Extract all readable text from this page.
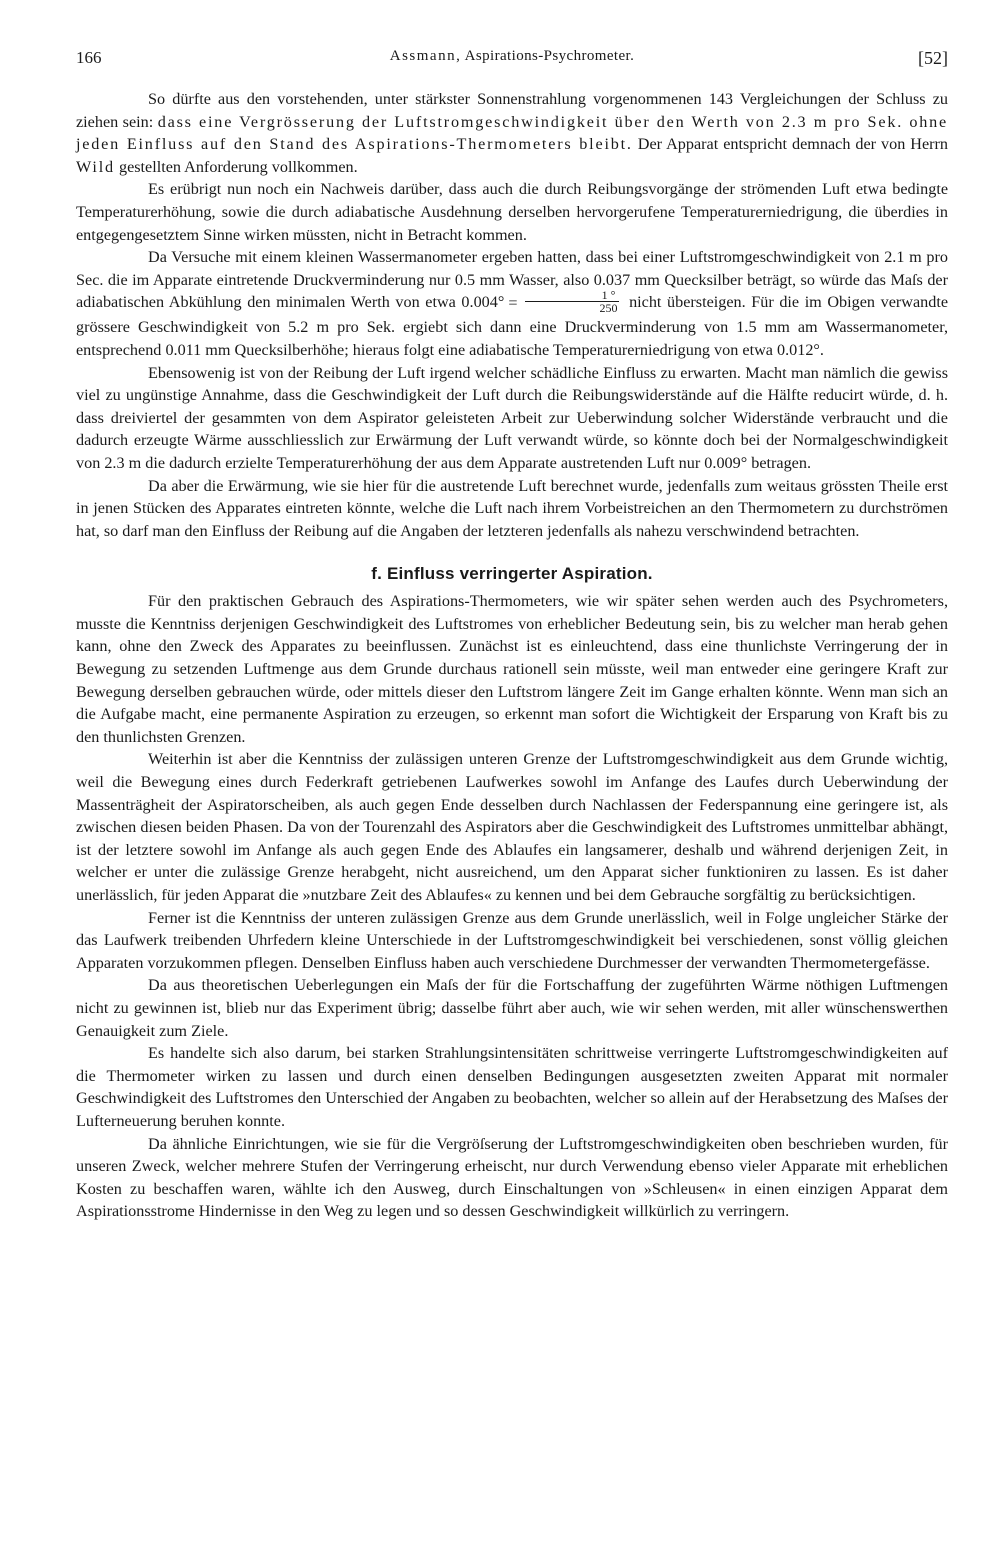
166	Assmann, Aspirations-Psychrometer.	[52]

So dürfte aus den vorstehenden, unter stärkster Sonnenstrahlung vorgenommenen 143 Vergleichungen der Schluss zu ziehen sein: dass eine Vergrösserung der Luftstromgeschwindigkeit über den Werth von 2.3 m pro Sek. ohne jeden Einfluss auf den Stand des Aspirations-Thermometers bleibt. Der Apparat entspricht demnach der von Herrn Wild gestellten Anforderung vollkommen.

Es erübrigt nun noch ein Nachweis darüber, dass auch die durch Reibungsvorgänge der strömenden Luft etwa bedingte Temperaturerhöhung, sowie die durch adiabatische Ausdehnung derselben hervorgerufene Temperaturerniedrigung, die überdies in entgegengesetztem Sinne wirken müssten, nicht in Betracht kommen.

Da Versuche mit einem kleinen Wassermanometer ergeben hatten, dass bei einer Luftstromgeschwindigkeit von 2.1 m pro Sec. die im Apparate eintretende Druckverminderung nur 0.5 mm Wasser, also 0.037 mm Quecksilber beträgt, so würde das Maſs der adiabatischen Abkühlung den minimalen Werth von etwa $0.004^\circ = \frac{1 ^\circ}{250}$ nicht übersteigen. Für die im Obigen verwandte grössere Geschwindigkeit von 5.2 m pro Sek. ergiebt sich dann eine Druckverminderung von 1.5 mm am Wassermanometer, entsprechend 0.011 mm Quecksilberhöhe; hieraus folgt eine adiabatische Temperaturerniedrigung von etwa 0.012°.

Ebensowenig ist von der Reibung der Luft irgend welcher schädliche Einfluss zu erwarten. Macht man nämlich die gewiss viel zu ungünstige Annahme, dass die Geschwindigkeit der Luft durch die Reibungswiderstände auf die Hälfte reducirt würde, d. h. dass dreiviertel der gesammten von dem Aspirator geleisteten Arbeit zur Ueberwindung solcher Widerstände verbraucht und die dadurch erzeugte Wärme ausschliesslich zur Erwärmung der Luft verwandt würde, so könnte doch bei der Normalgeschwindigkeit von 2.3 m die dadurch erzielte Temperaturerhöhung der aus dem Apparate austretenden Luft nur 0.009° betragen.

Da aber die Erwärmung, wie sie hier für die austretende Luft berechnet wurde, jedenfalls zum weitaus grössten Theile erst in jenen Stücken des Apparates eintreten könnte, welche die Luft nach ihrem Vorbeistreichen an den Thermometern zu durchströmen hat, so darf man den Einfluss der Reibung auf die Angaben der letzteren jedenfalls als nahezu verschwindend betrachten.

f. Einfluss verringerter Aspiration.

Für den praktischen Gebrauch des Aspirations-Thermometers, wie wir später sehen werden auch des Psychrometers, musste die Kenntniss derjenigen Geschwindigkeit des Luftstromes von erheblicher Bedeutung sein, bis zu welcher man herab gehen kann, ohne den Zweck des Apparates zu beeinflussen. Zunächst ist es einleuchtend, dass eine thunlichste Verringerung der in Bewegung zu setzenden Luftmenge aus dem Grunde durchaus rationell sein müsste, weil man entweder eine geringere Kraft zur Bewegung derselben gebrauchen würde, oder mittels dieser den Luftstrom längere Zeit im Gange erhalten könnte. Wenn man sich an die Aufgabe macht, eine permanente Aspiration zu erzeugen, so erkennt man sofort die Wichtigkeit der Ersparung von Kraft bis zu den thunlichsten Grenzen.

Weiterhin ist aber die Kenntniss der zulässigen unteren Grenze der Luftstromgeschwindigkeit aus dem Grunde wichtig, weil die Bewegung eines durch Federkraft getriebenen Laufwerkes sowohl im Anfange des Laufes durch Ueberwindung der Massenträgheit der Aspiratorscheiben, als auch gegen Ende desselben durch Nachlassen der Federspannung eine geringere ist, als zwischen diesen beiden Phasen. Da von der Tourenzahl des Aspirators aber die Geschwindigkeit des Luftstromes unmittelbar abhängt, ist der letztere sowohl im Anfange als auch gegen Ende des Ablaufes ein langsamerer, deshalb und während derjenigen Zeit, in welcher er unter die zulässige Grenze herabgeht, nicht ausreichend, um den Apparat sicher funktioniren zu lassen. Es ist daher unerlässlich, für jeden Apparat die »nutzbare Zeit des Ablaufes« zu kennen und bei dem Gebrauche sorgfältig zu berücksichtigen.

Ferner ist die Kenntniss der unteren zulässigen Grenze aus dem Grunde unerlässlich, weil in Folge ungleicher Stärke der das Laufwerk treibenden Uhrfedern kleine Unterschiede in der Luftstromgeschwindigkeit bei verschiedenen, sonst völlig gleichen Apparaten vorzukommen pflegen. Denselben Einfluss haben auch verschiedene Durchmesser der verwandten Thermometergefässe.

Da aus theoretischen Ueberlegungen ein Maſs der für die Fortschaffung der zugeführten Wärme nöthigen Luftmengen nicht zu gewinnen ist, blieb nur das Experiment übrig; dasselbe führt aber auch, wie wir sehen werden, mit aller wünschenswerthen Genauigkeit zum Ziele.

Es handelte sich also darum, bei starken Strahlungsintensitäten schrittweise verringerte Luftstromgeschwindigkeiten auf die Thermometer wirken zu lassen und durch einen denselben Bedingungen ausgesetzten zweiten Apparat mit normaler Geschwindigkeit des Luftstromes den Unterschied der Angaben zu beobachten, welcher so allein auf der Herabsetzung des Maſses der Lufterneuerung beruhen konnte.

Da ähnliche Einrichtungen, wie sie für die Vergröſserung der Luftstromgeschwindigkeiten oben beschrieben wurden, für unseren Zweck, welcher mehrere Stufen der Verringerung erheischt, nur durch Verwendung ebenso vieler Apparate mit erheblichen Kosten zu beschaffen waren, wählte ich den Ausweg, durch Einschaltungen von »Schleusen« in einen einzigen Apparat dem Aspirationsstrome Hindernisse in den Weg zu legen und so dessen Geschwindigkeit willkürlich zu verringern.
